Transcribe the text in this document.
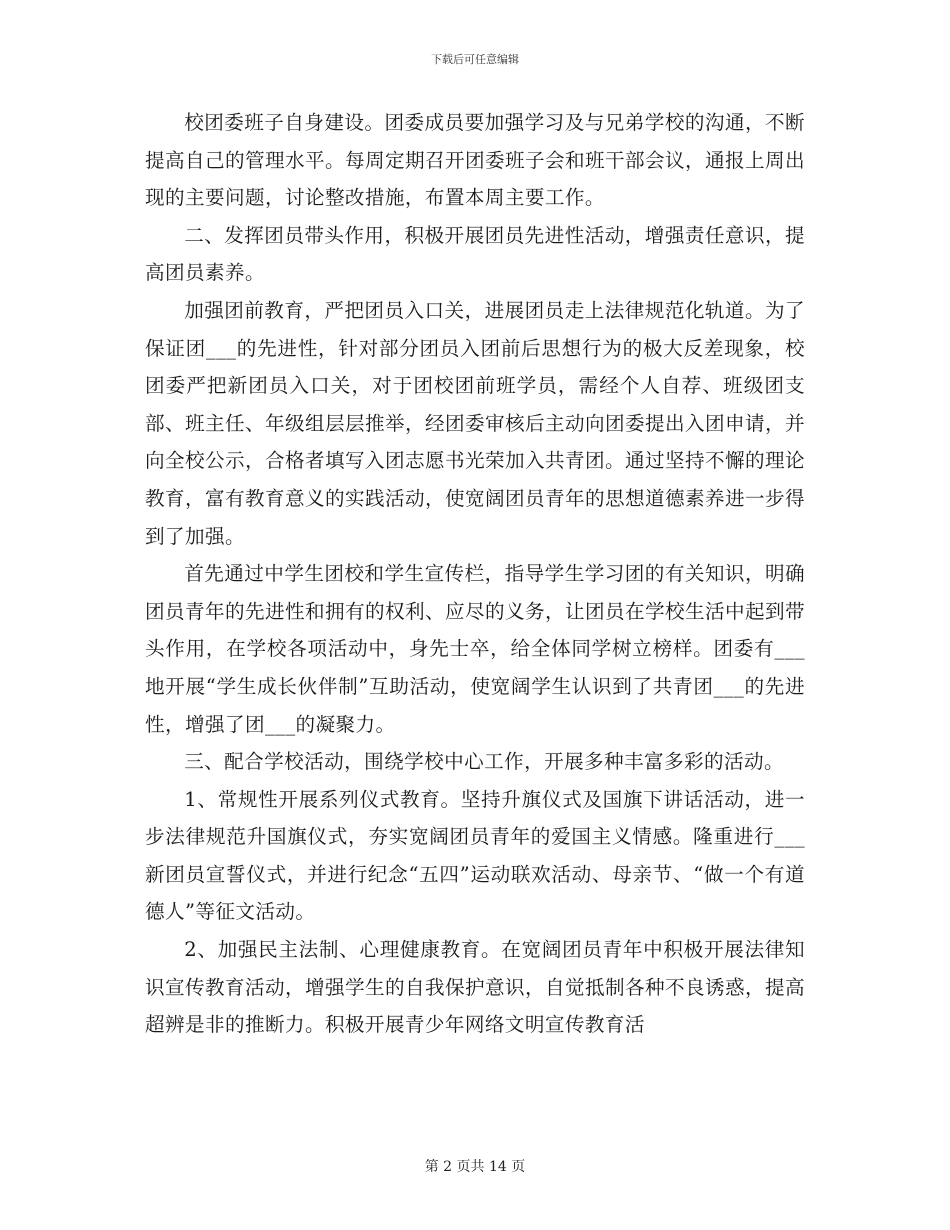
下载后可任意编辑

校团委班子自身建设。团委成员要加强学习及与兄弟学校的沟通，不断提高自己的管理水平。每周定期召开团委班子会和班干部会议，通报上周出现的主要问题，讨论整改措施，布置本周主要工作。

二、发挥团员带头作用，积极开展团员先进性活动，增强责任意识，提高团员素养。

加强团前教育，严把团员入口关，进展团员走上法律规范化轨道。为了保证团___的先进性，针对部分团员入团前后思想行为的极大反差现象，校团委严把新团员入口关，对于团校团前班学员，需经个人自荐、班级团支部、班主任、年级组层层推举，经团委审核后主动向团委提出入团申请，并向全校公示，合格者填写入团志愿书光荣加入共青团。通过坚持不懈的理论教育，富有教育意义的实践活动，使宽阔团员青年的思想道德素养进一步得到了加强。

首先通过中学生团校和学生宣传栏，指导学生学习团的有关知识，明确团员青年的先进性和拥有的权利、应尽的义务，让团员在学校生活中起到带头作用，在学校各项活动中，身先士卒，给全体同学树立榜样。团委有___地开展“学生成长伙伴制”互助活动，使宽阔学生认识到了共青团___的先进性，增强了团___的凝聚力。

三、配合学校活动，围绕学校中心工作，开展多种丰富多彩的活动。

1、常规性开展系列仪式教育。坚持升旗仪式及国旗下讲话活动，进一步法律规范升国旗仪式，夯实宽阔团员青年的爱国主义情感。隆重进行___新团员宣誓仪式，并进行纪念“五四”运动联欢活动、母亲节、“做一个有道德人”等征文活动。

2、加强民主法制、心理健康教育。在宽阔团员青年中积极开展法律知识宣传教育活动，增强学生的自我保护意识，自觉抵制各种不良诱惑，提高超辨是非的推断力。积极开展青少年网络文明宣传教育活

第 2 页共 14 页
